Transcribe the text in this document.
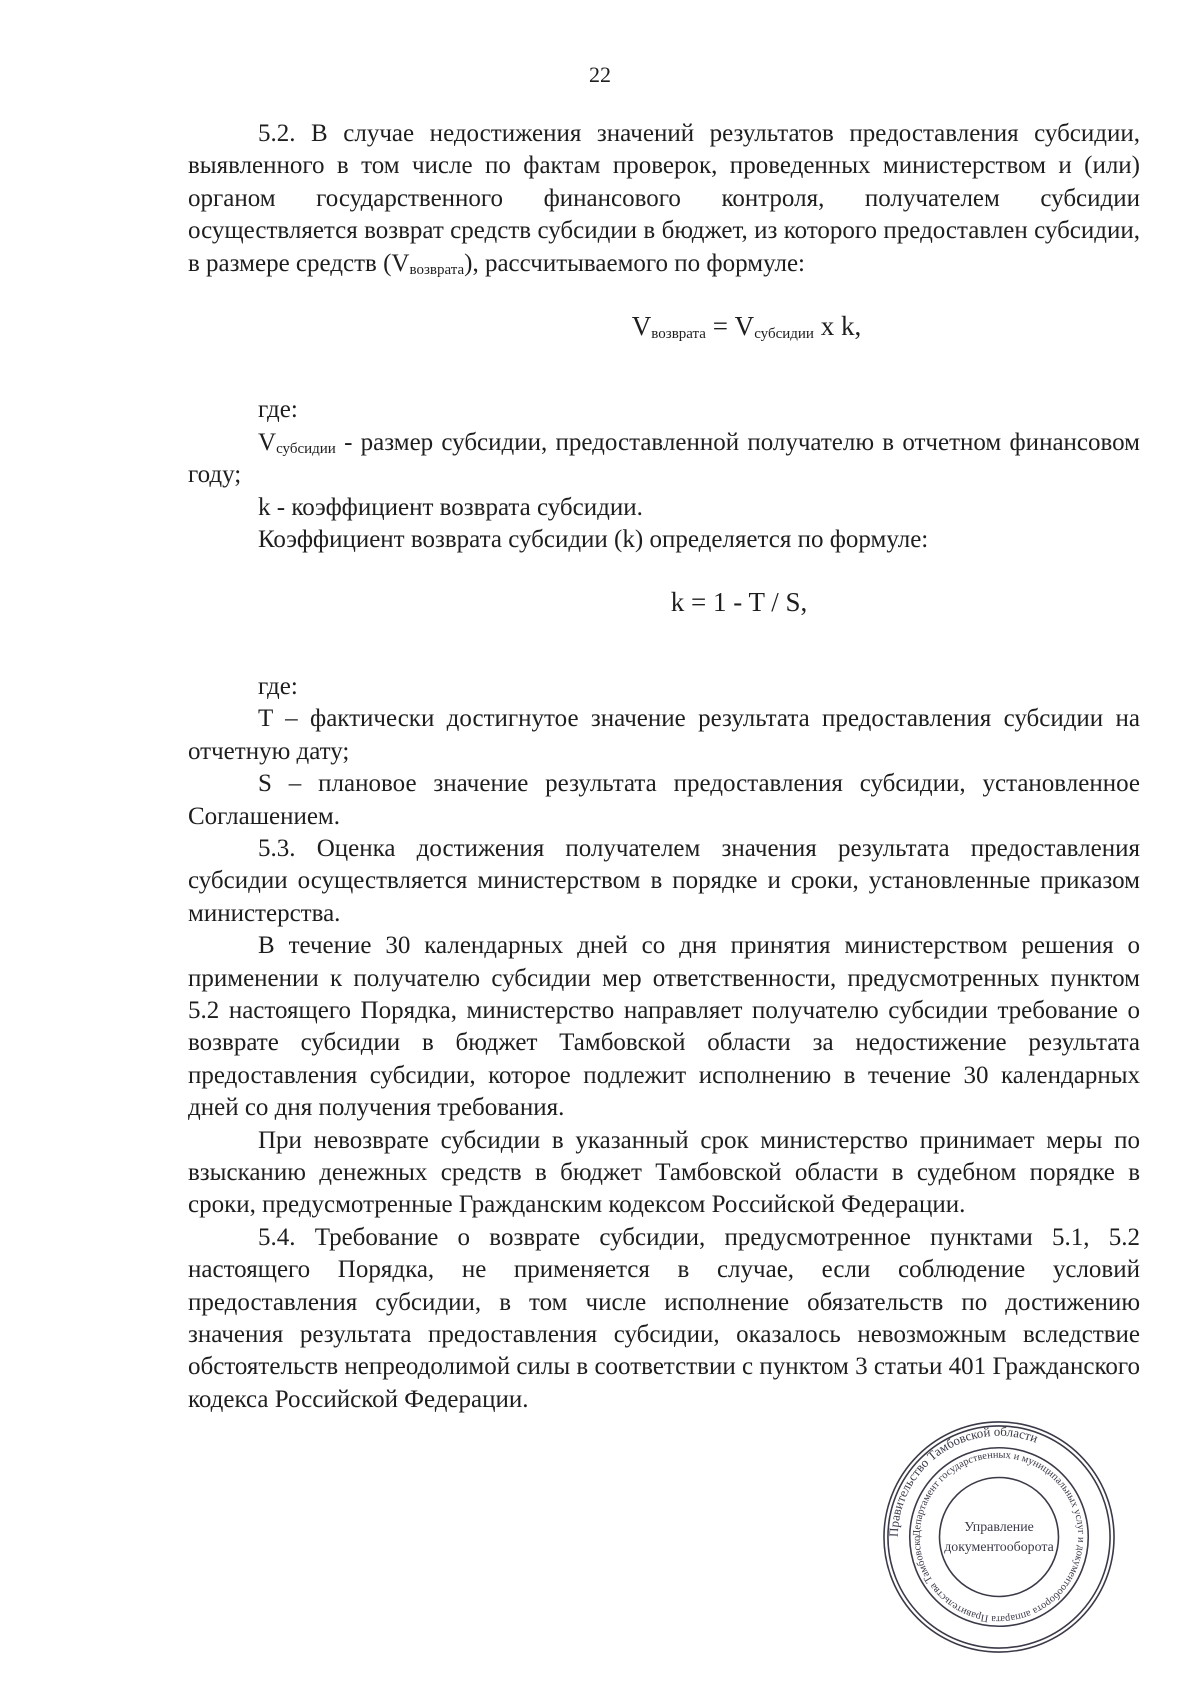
22

5.2. В случае недостижения значений результатов предоставления субсидии, выявленного в том числе по фактам проверок, проведенных министерством и (или) органом государственного финансового контроля, получателем субсидии осуществляется возврат средств субсидии в бюджет, из которого предоставлен субсидии, в размере средств $(V_{возврата})$, рассчитываемого по формуле:

$V_{возврата} = V_{субсидии}$ x k,

где:

$V_{субсидии}$ - размер субсидии, предоставленной получателю в отчетном финансовом году;

k - коэффициент возврата субсидии.

Коэффициент возврата субсидии (k) определяется по формуле:

k = 1 - T / S,

где:

T – фактически достигнутое значение результата предоставления субсидии на отчетную дату;

S – плановое значение результата предоставления субсидии, установленное Соглашением.

5.3. Оценка достижения получателем значения результата предоставления субсидии осуществляется министерством в порядке и сроки, установленные приказом министерства.

В течение 30 календарных дней со дня принятия министерством решения о применении к получателю субсидии мер ответственности, предусмотренных пунктом 5.2 настоящего Порядка, министерство направляет получателю субсидии требование о возврате субсидии в бюджет Тамбовской области за недостижение результата предоставления субсидии, которое подлежит исполнению в течение 30 календарных дней со дня получения требования.

При невозврате субсидии в указанный срок министерство принимает меры по взысканию денежных средств в бюджет Тамбовской области в судебном порядке в сроки, предусмотренные Гражданским кодексом Российской Федерации.

5.4. Требование о возврате субсидии, предусмотренное пунктами 5.1, 5.2 настоящего Порядка, не применяется в случае, если соблюдение условий предоставления субсидии, в том числе исполнение обязательств по достижению значения результата предоставления субсидии, оказалось невозможным вследствие обстоятельств непреодолимой силы в соответствии с пунктом 3 статьи 401 Гражданского кодекса Российской Федерации.

Правительство Тамбовской области
Департамент государственных и муниципальных услуг и документооборота аппарата Правительства Тамбовско
Управление
документооборота
